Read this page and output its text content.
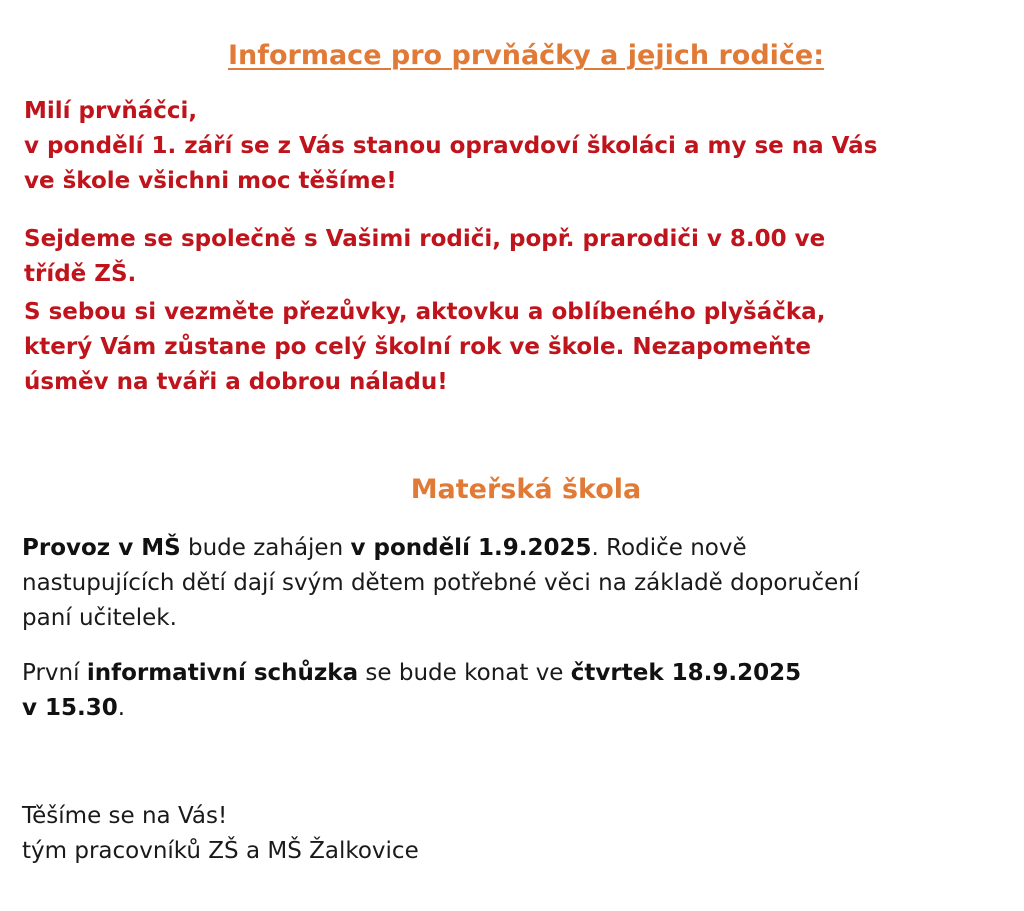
Informace pro prvňáčky a jejich rodiče:

Milí prvňáčci,
v pondělí 1. září se z Vás stanou opravdoví školáci a my se na Vás
ve škole všichni moc těšíme!

Sejdeme se společně s Vašimi rodiči, popř. prarodiči v 8.00 ve
třídě ZŠ.

S sebou si vezměte přezůvky, aktovku a oblíbeného plyšáčka,
který Vám zůstane po celý školní rok ve škole. Nezapomeňte
úsměv na tváři a dobrou náladu!

Mateřská škola

Provoz v MŠ bude zahájen v pondělí 1.9.2025. Rodiče nově
nastupujících dětí dají svým dětem potřebné věci na základě doporučení
paní učitelek.

První informativní schůzka se bude konat ve čtvrtek 18.9.2025
v 15.30.

Těšíme se na Vás!
tým pracovníků ZŠ a MŠ Žalkovice
